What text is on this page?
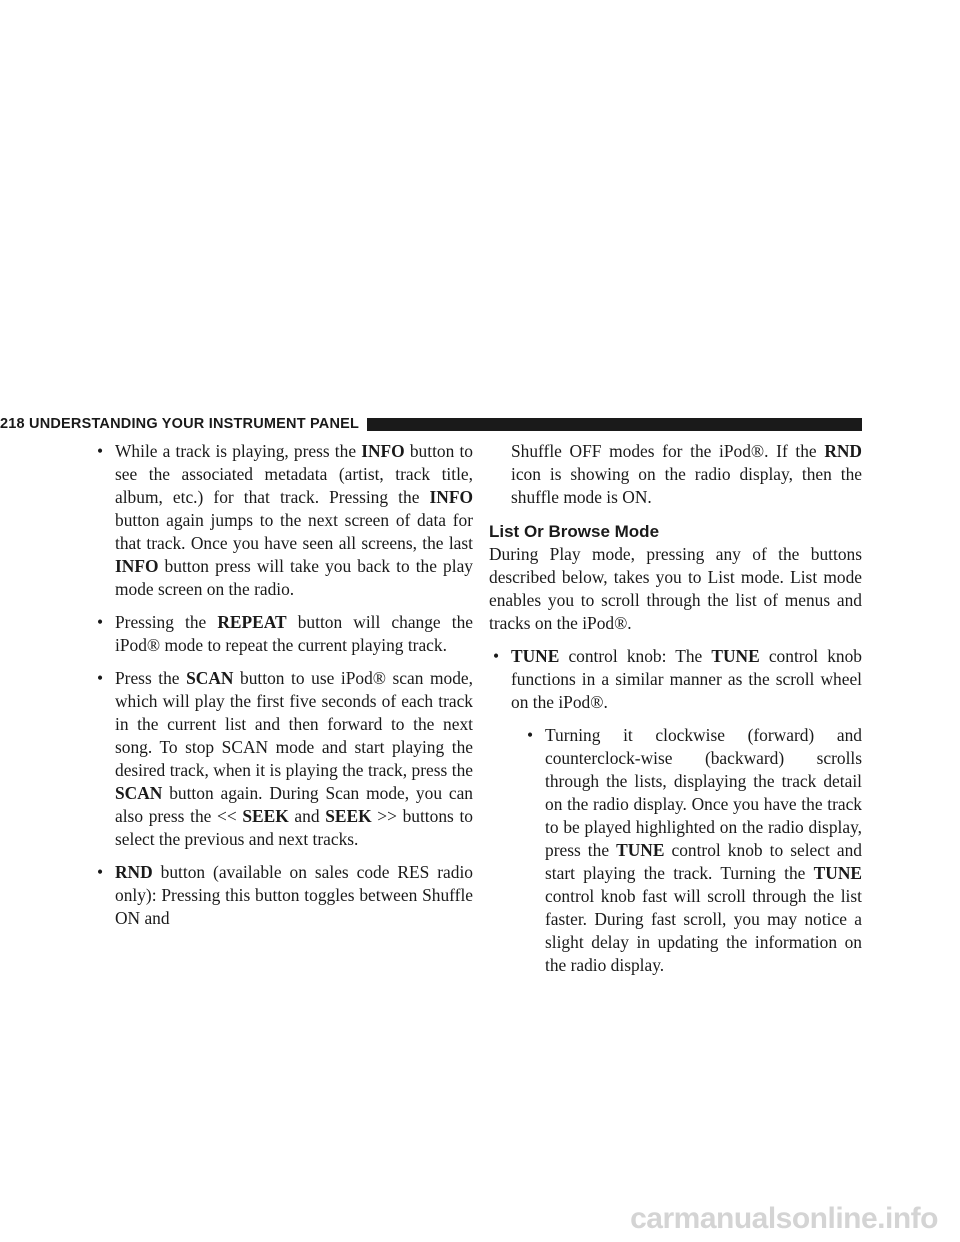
218 UNDERSTANDING YOUR INSTRUMENT PANEL
• While a track is playing, press the INFO button to see the associated metadata (artist, track title, album, etc.) for that track. Pressing the INFO button again jumps to the next screen of data for that track. Once you have seen all screens, the last INFO button press will take you back to the play mode screen on the radio.
• Pressing the REPEAT button will change the iPod® mode to repeat the current playing track.
• Press the SCAN button to use iPod® scan mode, which will play the first five seconds of each track in the current list and then forward to the next song. To stop SCAN mode and start playing the desired track, when it is playing the track, press the SCAN button again. During Scan mode, you can also press the << SEEK and SEEK >> buttons to select the previous and next tracks.
• RND button (available on sales code RES radio only): Pressing this button toggles between Shuffle ON and
Shuffle OFF modes for the iPod®. If the RND icon is showing on the radio display, then the shuffle mode is ON.
List Or Browse Mode
During Play mode, pressing any of the buttons described below, takes you to List mode. List mode enables you to scroll through the list of menus and tracks on the iPod®.
• TUNE control knob: The TUNE control knob functions in a similar manner as the scroll wheel on the iPod®.
• Turning it clockwise (forward) and counterclock-wise (backward) scrolls through the lists, displaying the track detail on the radio display. Once you have the track to be played highlighted on the radio display, press the TUNE control knob to select and start playing the track. Turning the TUNE control knob fast will scroll through the list faster. During fast scroll, you may notice a slight delay in updating the information on the radio display.
carmanualsonline.info
